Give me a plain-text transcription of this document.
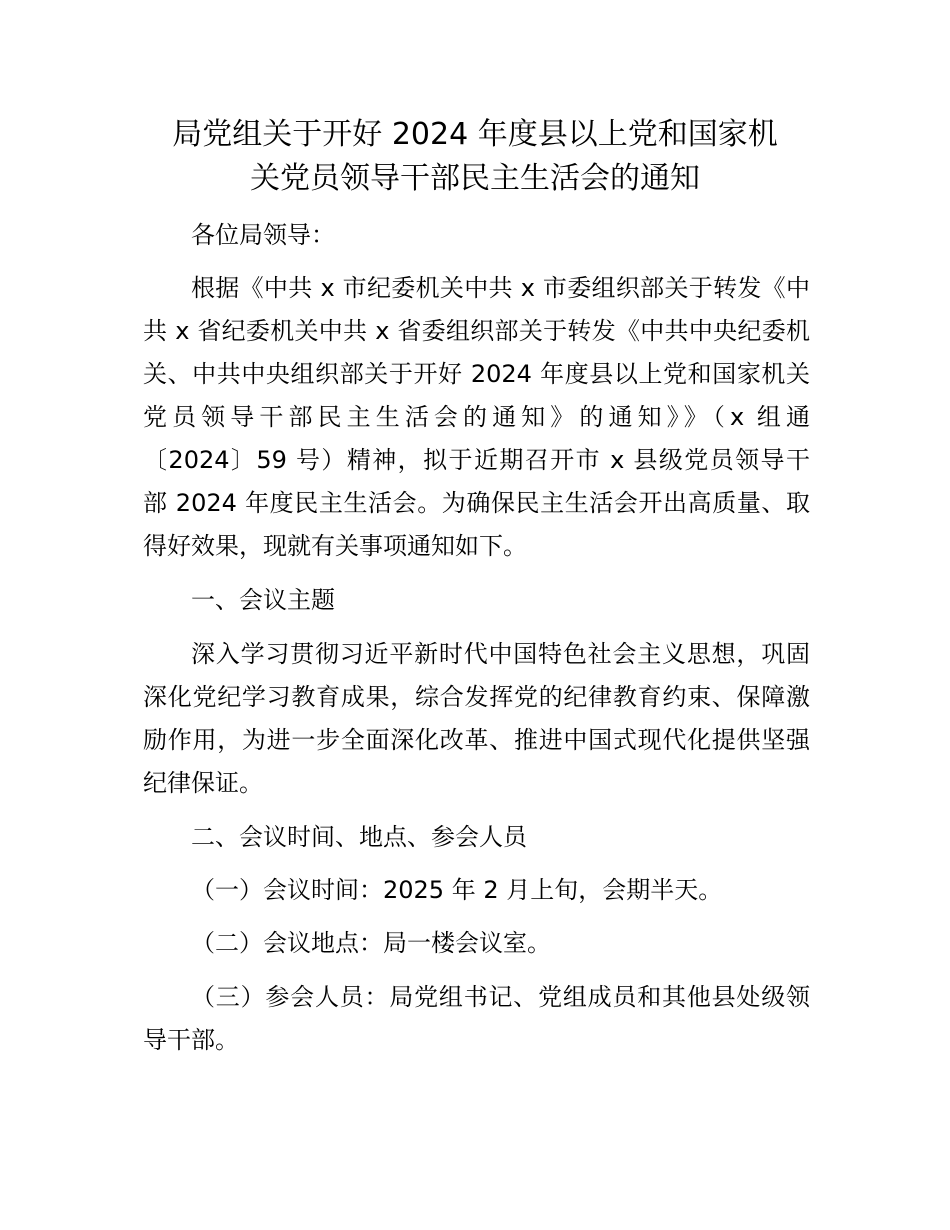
局党组关于开好 2024 年度县以上党和国家机
关党员领导干部民主生活会的通知

各位局领导：

根据《中共 x 市纪委机关中共 x 市委组织部关于转发《中

共 x 省纪委机关中共 x 省委组织部关于转发《中共中央纪委机

关、中共中央组织部关于开好 2024 年度县以上党和国家机关

党员领导干部民主生活会的通知》的通知》》（x 组通

〔2024〕59 号）精神，拟于近期召开市 x 县级党员领导干

部 2024 年度民主生活会。为确保民主生活会开出高质量、取

得好效果，现就有关事项通知如下。

一、会议主题

深入学习贯彻习近平新时代中国特色社会主义思想，巩固

深化党纪学习教育成果，综合发挥党的纪律教育约束、保障激

励作用，为进一步全面深化改革、推进中国式现代化提供坚强

纪律保证。

二、会议时间、地点、参会人员

（一）会议时间：2025 年 2 月上旬，会期半天。

（二）会议地点：局一楼会议室。

（三）参会人员：局党组书记、党组成员和其他县处级领

导干部。
